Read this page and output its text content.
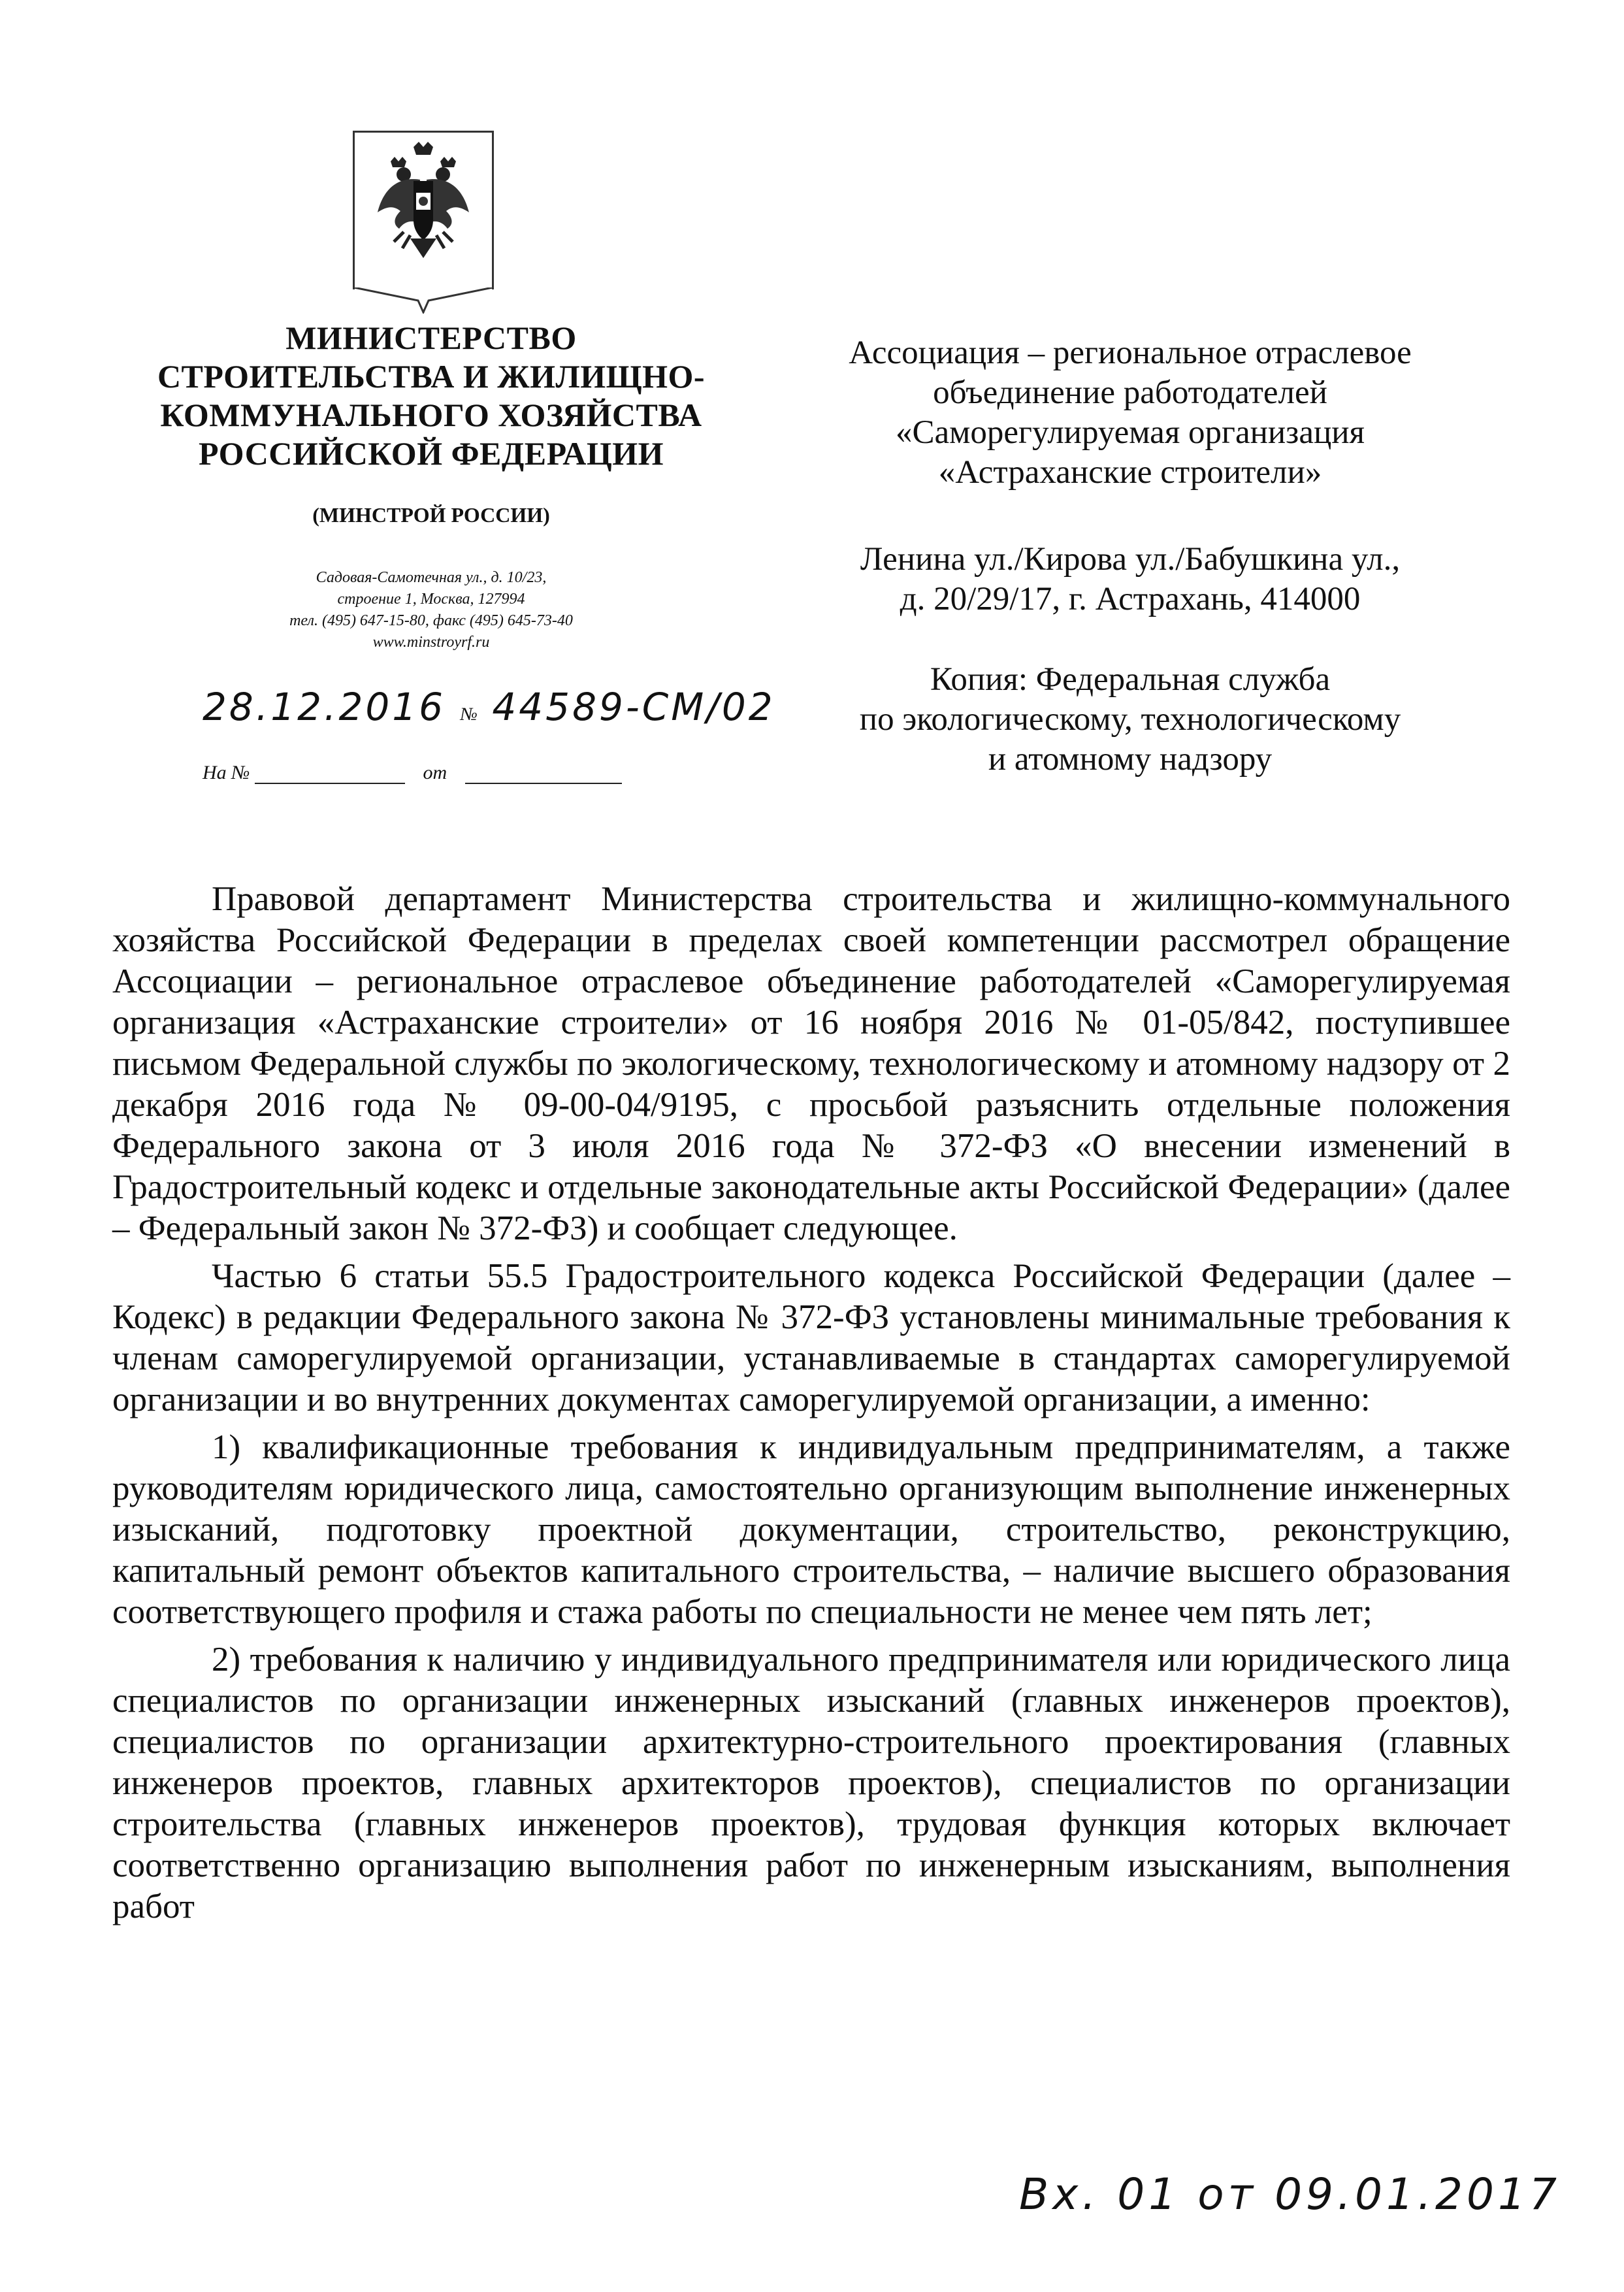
МИНИСТЕРСТВО
СТРОИТЕЛЬСТВА И ЖИЛИЩНО-
КОММУНАЛЬНОГО ХОЗЯЙСТВА
РОССИЙСКОЙ ФЕДЕРАЦИИ
(МИНСТРОЙ РОССИИ)
Садовая-Самотечная ул., д. 10/23,
строение 1, Москва, 127994
тел. (495) 647-15-80, факс (495) 645-73-40
www.minstroyrf.ru
28.12.2016 № 44589-СМ/02
На №	от
Ассоциация – региональное отраслевое
объединение работодателей
«Саморегулируемая организация
«Астраханские строители»
Ленина ул./Кирова ул./Бабушкина ул.,
д. 20/29/17, г. Астрахань, 414000
Копия: Федеральная служба
по экологическому, технологическому
и атомному надзору

Правовой департамент Министерства строительства и жилищно-коммунального хозяйства Российской Федерации в пределах своей компетенции рассмотрел обращение Ассоциации – региональное отраслевое объединение работодателей «Саморегулируемая организация «Астраханские строители» от 16 ноября 2016 № 01-05/842, поступившее письмом Федеральной службы по экологическому, технологическому и атомному надзору от 2 декабря 2016 года № 09-00-04/9195, с просьбой разъяснить отдельные положения Федерального закона от 3 июля 2016 года № 372-ФЗ «О внесении изменений в Градостроительный кодекс и отдельные законодательные акты Российской Федерации» (далее – Федеральный закон № 372-ФЗ) и сообщает следующее.

Частью 6 статьи 55.5 Градостроительного кодекса Российской Федерации (далее – Кодекс) в редакции Федерального закона № 372-ФЗ установлены минимальные требования к членам саморегулируемой организации, устанавливаемые в стандартах саморегулируемой организации и во внутренних документах саморегулируемой организации, а именно:

1) квалификационные требования к индивидуальным предпринимателям, а также руководителям юридического лица, самостоятельно организующим выполнение инженерных изысканий, подготовку проектной документации, строительство, реконструкцию, капитальный ремонт объектов капитального строительства, – наличие высшего образования соответствующего профиля и стажа работы по специальности не менее чем пять лет;

2) требования к наличию у индивидуального предпринимателя или юридического лица специалистов по организации инженерных изысканий (главных инженеров проектов), специалистов по организации архитектурно-строительного проектирования (главных инженеров проектов, главных архитекторов проектов), специалистов по организации строительства (главных инженеров проектов), трудовая функция которых включает соответственно организацию выполнения работ по инженерным изысканиям, выполнения работ

Вх. 01 от 09.01.2017
